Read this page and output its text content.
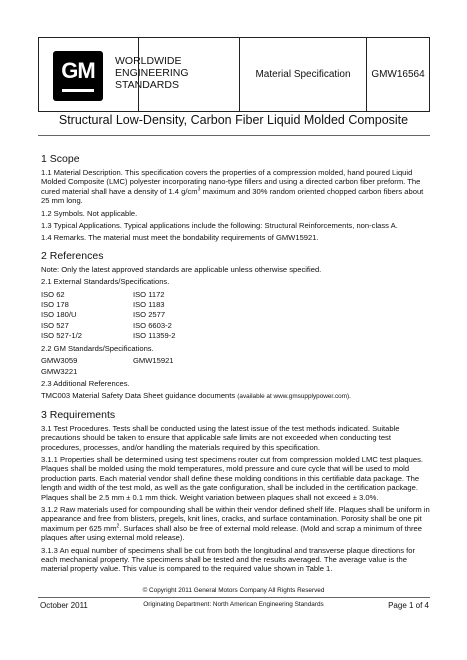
GM	WORLDWIDE
ENGINEERING
STANDARDS
Material Specification	GMW16564
Structural Low-Density, Carbon Fiber Liquid Molded Composite
1 Scope

1.1 Material Description. This specification covers the properties of a compression molded, hand poured Liquid Molded Composite (LMC) polyester incorporating nano-type fillers and using a directed carbon fiber preform. The cured material shall have a density of 1.4 $g/cm^3$ maximum and 30% random oriented chopped carbon fibers about 25 mm long.

1.2 Symbols. Not applicable.

1.3 Typical Applications. Typical applications include the following: Structural Reinforcements, non-class A.

1.4 Remarks. The material must meet the bondability requirements of GMW15921.

2 References

Note: Only the latest approved standards are applicable unless otherwise specified.

2.1 External Standards/Specifications.

ISO 62	ISO 1172
ISO 178	ISO 1183
ISO 180/U	ISO 2577
ISO 527	ISO 6603-2
ISO 527-1/2	ISO 11359-2

2.2 GM Standards/Specifications.

GMW3059	GMW15921
GMW3221

2.3 Additional References.

TMC003 Material Safety Data Sheet guidance documents (available at www.gmsupplypower.com).

3 Requirements

3.1 Test Procedures. Tests shall be conducted using the latest issue of the test methods indicated. Suitable precautions should be taken to ensure that applicable safe limits are not exceeded when conducting test procedures, processes, and/or handling the materials required by this specification.

3.1.1 Properties shall be determined using test specimens router cut from compression molded LMC test plaques. Plaques shall be molded using the mold temperatures, mold pressure and cure cycle that will be used to mold production parts. Each material vendor shall define these molding conditions in this certifiable data package. The length and width of the test mold, as well as the gate configuration, shall be included in the certification package. Plaques shall be 2.5 mm ± 0.1 mm thick. Weight variation between plaques shall not exceed ± 3.0%.

3.1.2 Raw materials used for compounding shall be within their vendor defined shelf life. Plaques shall be uniform in appearance and free from blisters, pregels, knit lines, cracks, and surface contamination. Porosity shall be one pit maximum per 625 $mm^2$. Surfaces shall also be free of external mold release. (Mold and scrap a minimum of three plaques after using external mold release).

3.1.3 An equal number of specimens shall be cut from both the longitudinal and transverse plaque directions for each mechanical property. The specimens shall be tested and the results averaged. The average value is the material property value. This value is compared to the required value shown in Table 1.

© Copyright 2011 General Motors Company All Rights Reserved
October 2011	Originating Department: North American Engineering Standards	Page 1 of 4
